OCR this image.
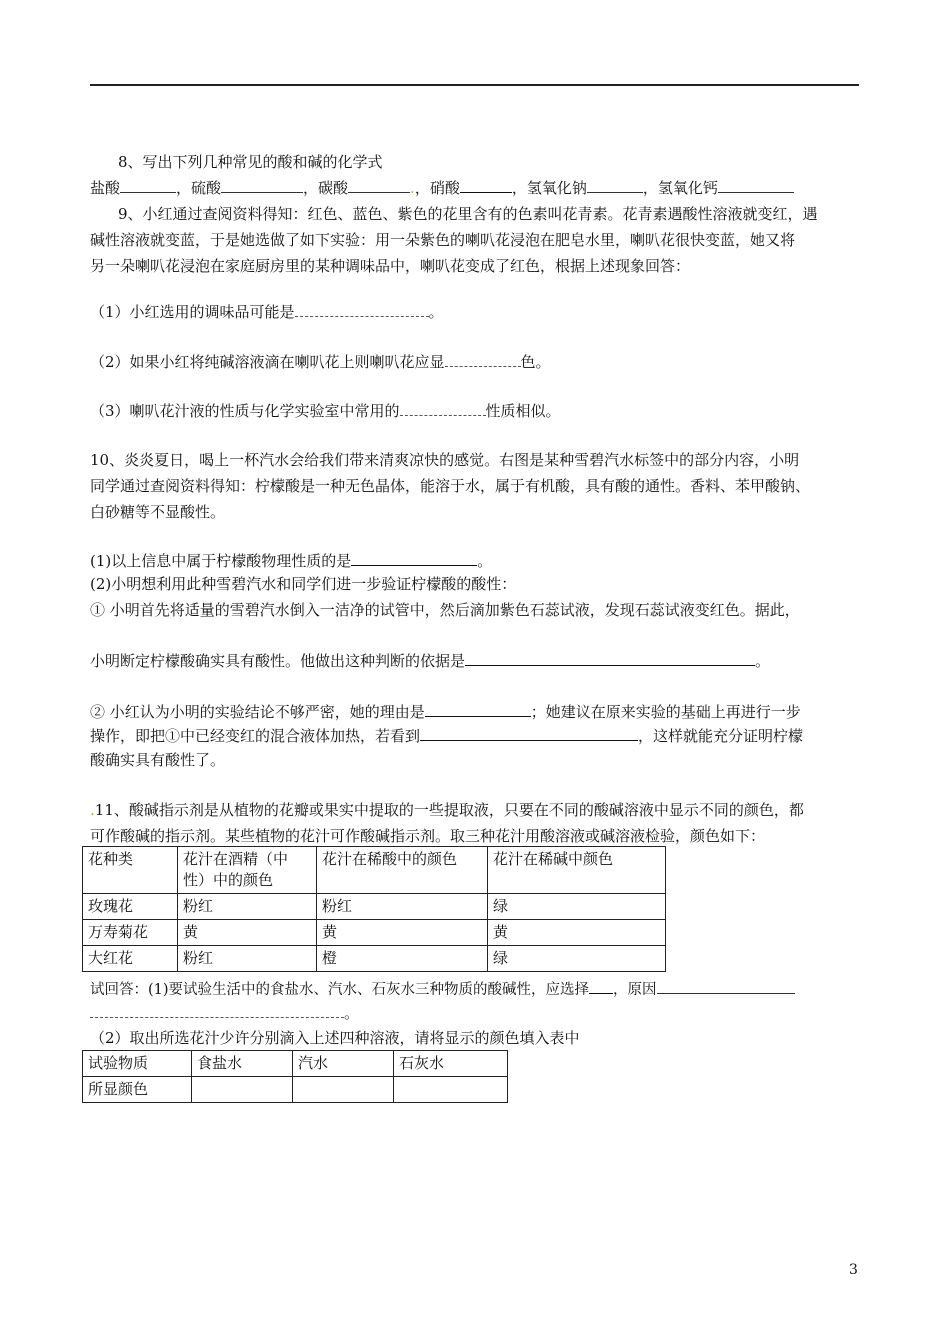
8、写出下列几种常见的酸和碱的化学式
盐酸	，硫酸	，碳酸	.，硝酸	，氢氧化钠	，氢氧化钙
9、小红通过查阅资料得知：红色、蓝色、紫色的花里含有的色素叫花青素。花青素遇酸性溶液就变红，遇
碱性溶液就变蓝，于是她选做了如下实验：用一朵紫色的喇叭花浸泡在肥皂水里，喇叭花很快变蓝，她又将
另一朵喇叭花浸泡在家庭厨房里的某种调味品中，喇叭花变成了红色，根据上述现象回答：
（1）小红选用的调味品可能是	。
（2）如果小红将纯碱溶液滴在喇叭花上则喇叭花应显	色。
（3）喇叭花汁液的性质与化学实验室中常用的	性质相似。
10、炎炎夏日，喝上一杯汽水会给我们带来清爽凉快的感觉。右图是某种雪碧汽水标签中的部分内容，小明
同学通过查阅资料得知：柠檬酸是一种无色晶体，能溶于水，属于有机酸，具有酸的通性。香料、苯甲酸钠、
白砂糖等不显酸性。
(1)以上信息中属于柠檬酸物理性质的是	。
(2)小明想利用此种雪碧汽水和同学们进一步验证柠檬酸的酸性：
① 小明首先将适量的雪碧汽水倒入一洁净的试管中，然后滴加紫色石蕊试液，发现石蕊试液变红色。据此，
小明断定柠檬酸确实具有酸性。他做出这种判断的依据是	。
② 小红认为小明的实验结论不够严密，她的理由是	；她建议在原来实验的基础上再进行一步
操作，即把①中已经变红的混合液体加热，若看到	，这样就能充分证明柠檬
酸确实具有酸性了。
.11、酸碱指示剂是从植物的花瓣或果实中提取的一些提取液，只要在不同的酸碱溶液中显示不同的颜色，都
可作酸碱的指示剂。某些植物的花汁可作酸碱指示剂。取三种花汁用酸溶液或碱溶液检验，颜色如下：
花种类	花汁在酒精（中
性）中的颜色	花汁在稀酸中的颜色	花汁在稀碱中颜色
玫瑰花	粉红	粉红	绿
万寿菊花	黄	黄	黄
大红花	粉红	橙	绿
试回答：(1)要试验生活中的食盐水、汽水、石灰水三种物质的酸碱性，应选择 ，原因
。
（2）取出所选花汁少许分别滴入上述四种溶液，请将显示的颜色填入表中
试验物质	食盐水	汽水	石灰水
所显颜色			
3
